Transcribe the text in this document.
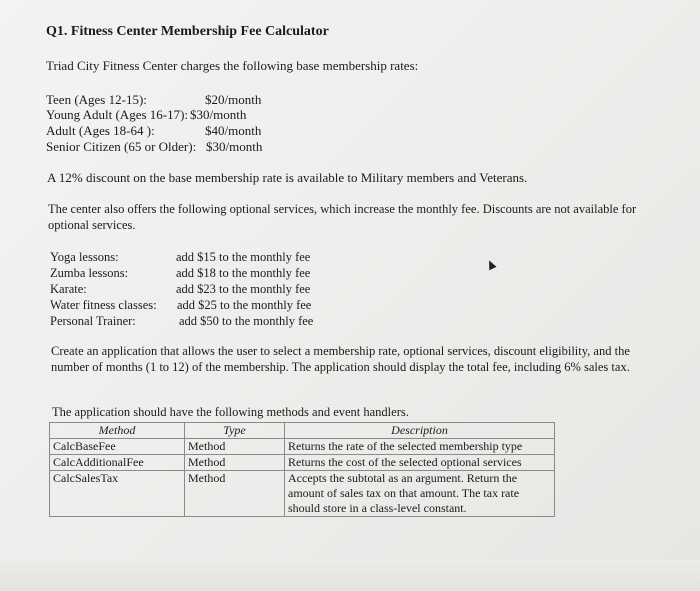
Q1. Fitness Center Membership Fee Calculator
Triad City Fitness Center charges the following base membership rates:
Teen (Ages 12-15):	$20/month
Young Adult (Ages 16-17): $30/month
Adult (Ages 18-64 ):	$40/month
Senior Citizen (65 or Older): $30/month
A 12% discount on the base membership rate is available to Military members and Veterans.
The center also offers the following optional services, which increase the monthly fee. Discounts are not available for optional services.
Yoga lessons:	add $15 to the monthly fee
Zumba lessons:	add $18 to the monthly fee
Karate:	add $23 to the monthly fee
Water fitness classes: add $25 to the monthly fee
Personal Trainer:	add $50 to the monthly fee
Create an application that allows the user to select a membership rate, optional services, discount eligibility, and the number of months (1 to 12) of the membership. The application should display the total fee, including 6% sales tax.
The application should have the following methods and event handlers.
Method	Type	Description
CalcBaseFee	Method	Returns the rate of the selected membership type
CalcAdditionalFee	Method	Returns the cost of the selected optional services
CalcSalesTax	Method	Accepts the subtotal as an argument. Return the amount of sales tax on that amount. The tax rate should store in a class-level constant.
